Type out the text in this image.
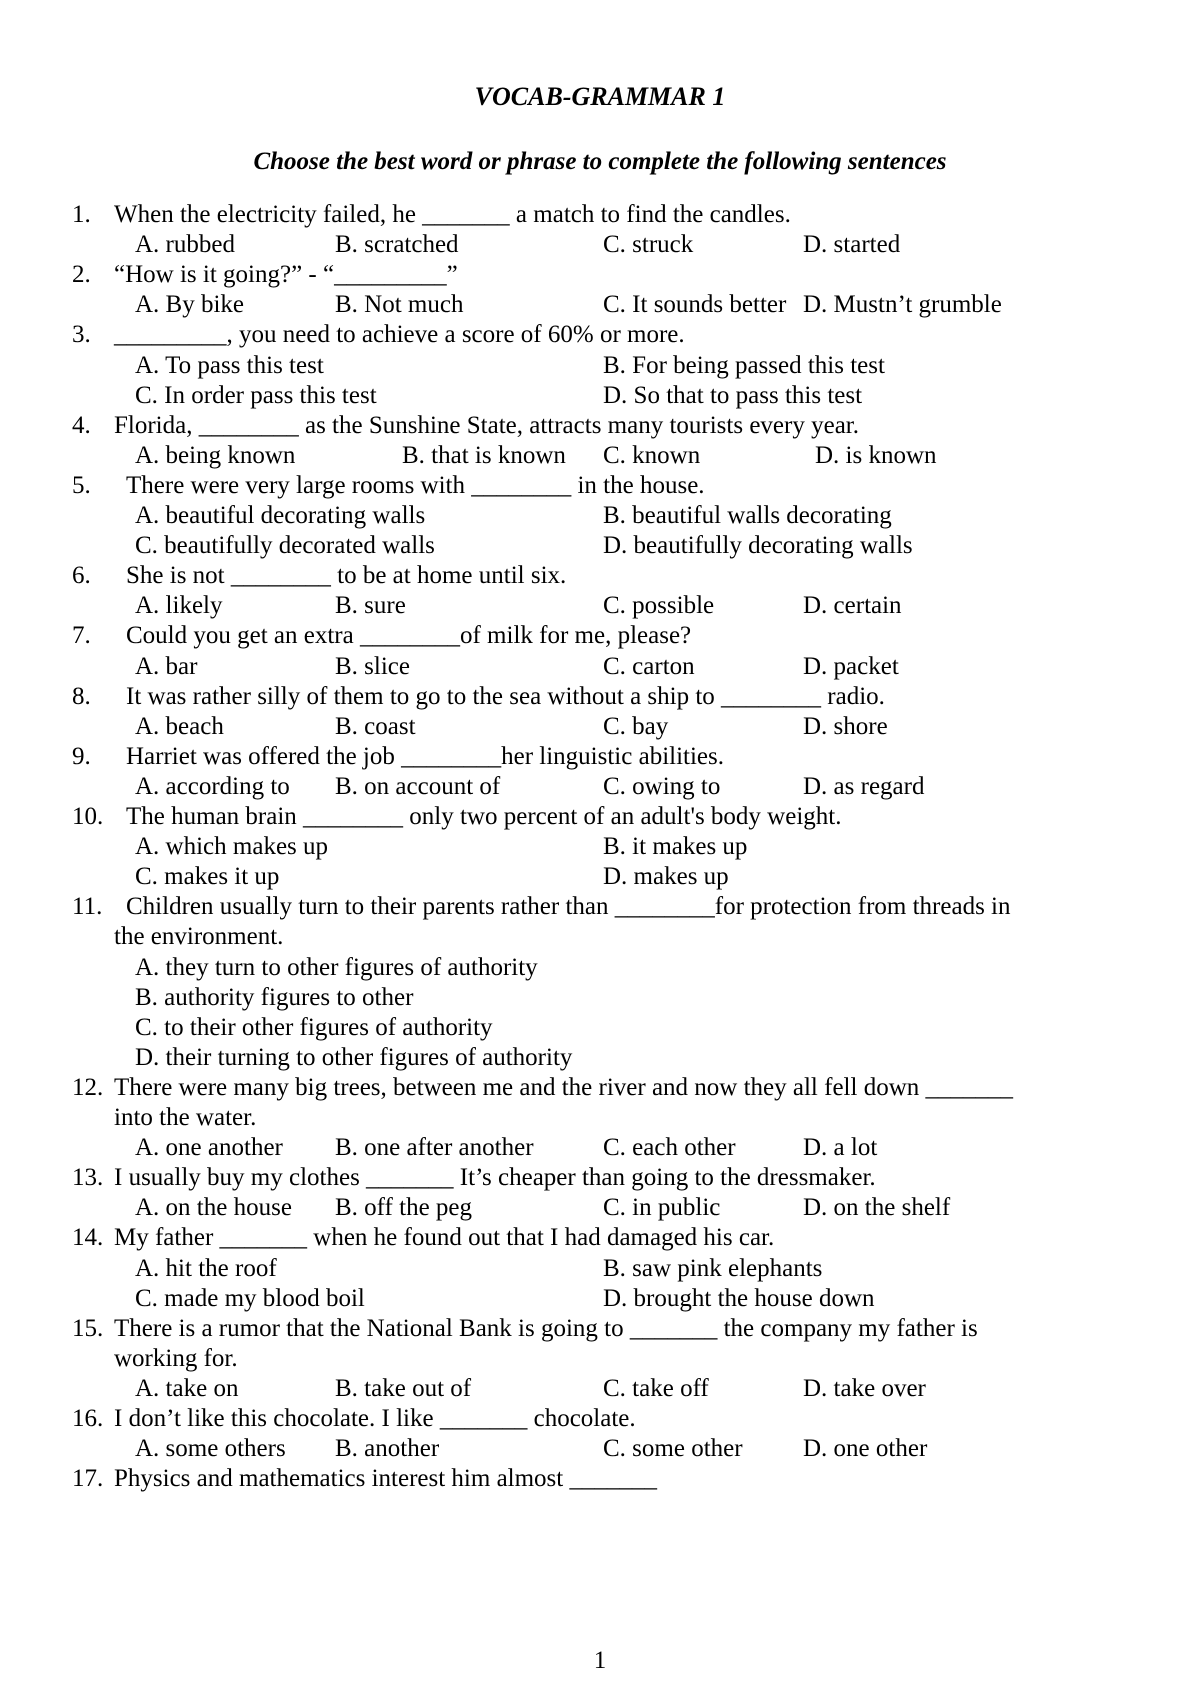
VOCAB-GRAMMAR 1
Choose the best word or phrase to complete the following sentences
1. When the electricity failed, he _______ a match to find the candles.
A. rubbed	B. scratched	C. struck	D. started
2. “How is it going?” - “_________”
A. By bike	B. Not much	C. It sounds better D. Mustn’t grumble
3. _________, you need to achieve a score of 60% or more.
A. To pass this test	B. For being passed this test
C. In order pass this test	D. So that to pass this test
4. Florida, ________ as the Sunshine State, attracts many tourists every year.
A. being known	B. that is known C. known	D. is known
5. There were very large rooms with ________ in the house.
A. beautiful decorating walls	B. beautiful walls decorating
C. beautifully decorated walls	D. beautifully decorating walls
6. She is not ________ to be at home until six.
A. likely	B. sure	C. possible	D. certain
7. Could you get an extra ________of milk for me, please?
A. bar	B. slice	C. carton	D. packet
8. It was rather silly of them to go to the sea without a ship to ________ radio.
A. beach	B. coast	C. bay	D. shore
9. Harriet was offered the job ________her linguistic abilities.
A. according to B. on account of	C. owing to	D. as regard
10. The human brain ________ only two percent of an adult's body weight.
A. which makes up	B. it makes up
C. makes it up	D. makes up
11. Children usually turn to their parents rather than ________for protection from threads in
the environment.
A. they turn to other figures of authority
B. authority figures to other
C. to their other figures of authority
D. their turning to other figures of authority
12. There were many big trees, between me and the river and now they all fell down _______
into the water.
A. one another B. one after another	C. each other	D. a lot
13. I usually buy my clothes _______ It’s cheaper than going to the dressmaker.
A. on the house B. off the peg	C. in public	D. on the shelf
14. My father _______ when he found out that I had damaged his car.
A. hit the roof	B. saw pink elephants
C. made my blood boil	D. brought the house down
15. There is a rumor that the National Bank is going to _______ the company my father is
working for.
A. take on	B. take out of	C. take off	D. take over
16. I don’t like this chocolate. I like _______ chocolate.
A. some others B. another	C. some other D. one other
17. Physics and mathematics interest him almost _______
1
